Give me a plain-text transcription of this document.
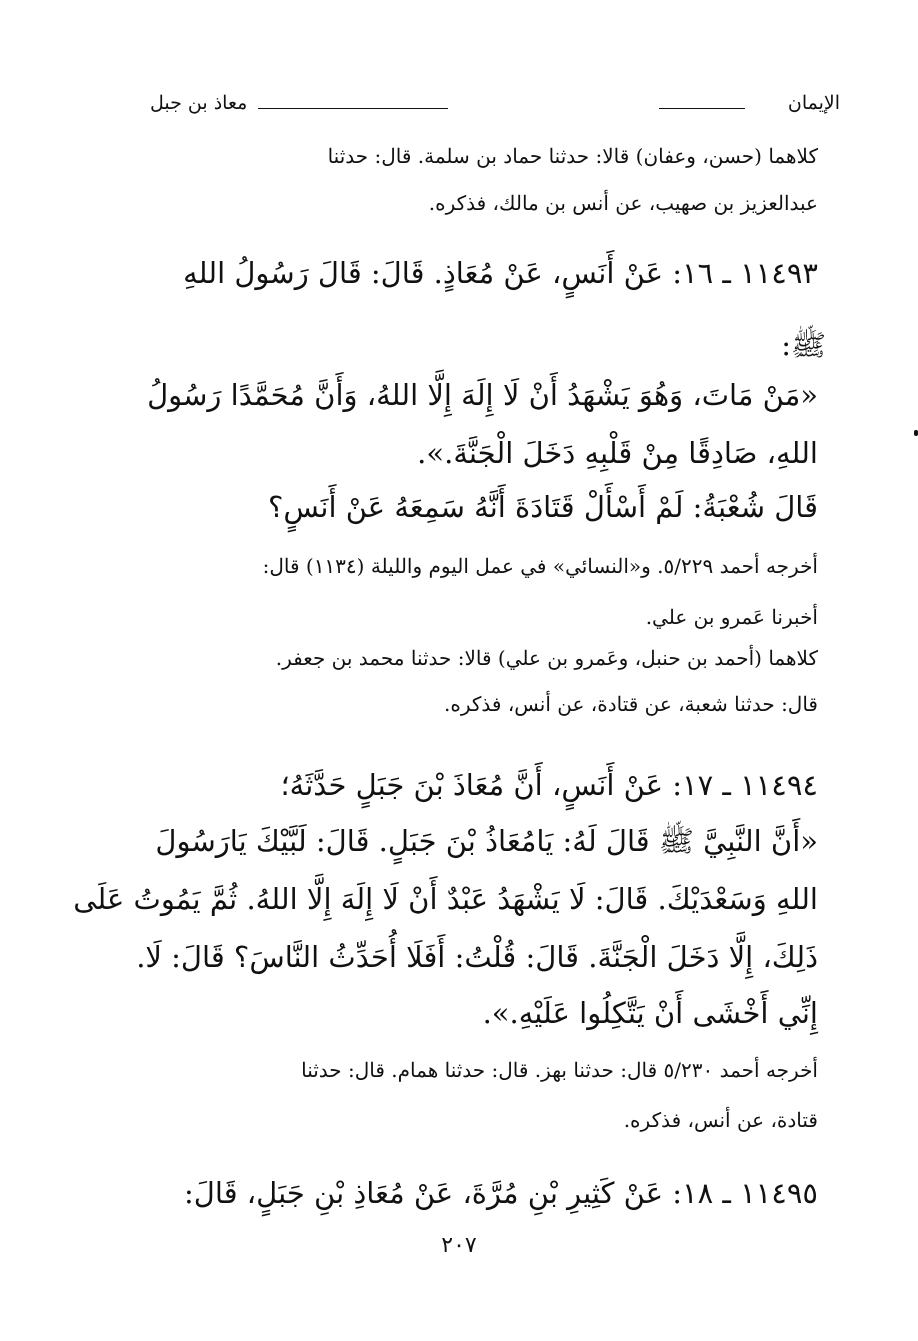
الإيمان
معاذ بن جبل
كلاهما (حسن، وعفان) قالا: حدثنا حماد بن سلمة. قال: حدثنا
عبدالعزيز بن صهيب، عن أنس بن مالك، فذكره.
١١٤٩٣ ـ ١٦: عَنْ أَنَسٍ، عَنْ مُعَاذٍ. قَالَ: قَالَ رَسُولُ اللهِ
ﷺ:
«مَنْ مَاتَ، وَهُوَ يَشْهَدُ أَنْ لَا إِلَهَ إِلَّا اللهُ، وَأَنَّ مُحَمَّدًا رَسُولُ
اللهِ، صَادِقًا مِنْ قَلْبِهِ دَخَلَ الْجَنَّةَ.».
قَالَ شُعْبَةُ: لَمْ أَسْأَلْ قَتَادَةَ أَنَّهُ سَمِعَهُ عَنْ أَنَسٍ؟
أخرجه أحمد ٥/٢٢٩. و«النسائي» في عمل اليوم والليلة (١١٣٤) قال:
أخبرنا عَمرو بن علي.
كلاهما (أحمد بن حنبل، وعَمرو بن علي) قالا: حدثنا محمد بن جعفر.
قال: حدثنا شعبة، عن قتادة، عن أنس، فذكره.
١١٤٩٤ ـ ١٧: عَنْ أَنَسٍ، أَنَّ مُعَاذَ بْنَ جَبَلٍ حَدَّثَهُ؛
«أَنَّ النَّبِيَّ ﷺ قَالَ لَهُ: يَامُعَاذُ بْنَ جَبَلٍ. قَالَ: لَبَّيْكَ يَارَسُولَ
اللهِ وَسَعْدَيْكَ. قَالَ: لَا يَشْهَدُ عَبْدٌ أَنْ لَا إِلَهَ إِلَّا اللهُ. ثُمَّ يَمُوتُ عَلَى
ذَلِكَ، إِلَّا دَخَلَ الْجَنَّةَ. قَالَ: قُلْتُ: أَفَلَا أُحَدِّثُ النَّاسَ؟ قَالَ: لَا.
إِنِّي أَخْشَى أَنْ يَتَّكِلُوا عَلَيْهِ.».
أخرجه أحمد ٥/٢٣٠ قال: حدثنا بهز. قال: حدثنا همام. قال: حدثنا
قتادة، عن أنس، فذكره.
١١٤٩٥ ـ ١٨: عَنْ كَثِيرِ بْنِ مُرَّةَ، عَنْ مُعَاذِ بْنِ جَبَلٍ، قَالَ:
٢٠٧
